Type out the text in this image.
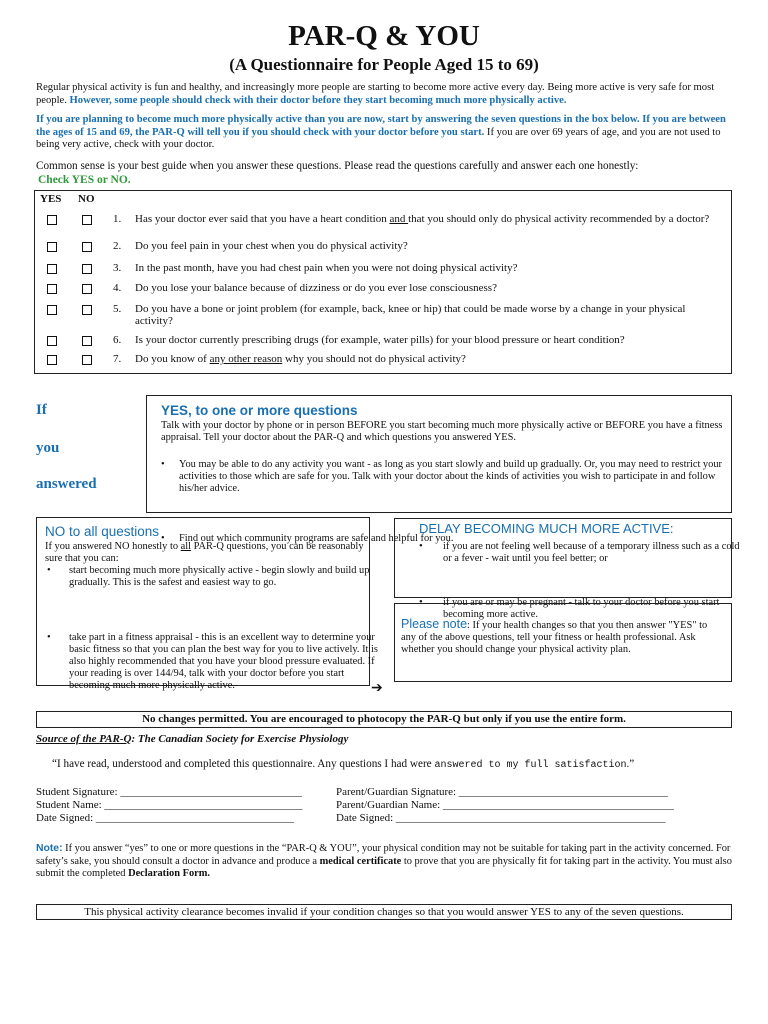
PAR-Q & YOU
(A Questionnaire for People Aged 15 to 69)
Regular physical activity is fun and healthy, and increasingly more people are starting to become more active every day. Being more active is very safe for most people. However, some people should check with their doctor before they start becoming much more physically active.
If you are planning to become much more physically active than you are now, start by answering the seven questions in the box below. If you are between the ages of 15 and 69, the PAR-Q will tell you if you should check with your doctor before you start. If you are over 69 years of age, and you are not used to being very active, check with your doctor.
Common sense is your best guide when you answer these questions. Please read the questions carefully and answer each one honestly:
Check YES or NO.
YES NO
1. Has your doctor ever said that you have a heart condition and that you should only do physical activity recommended by a doctor?
2. Do you feel pain in your chest when you do physical activity?
3. In the past month, have you had chest pain when you were not doing physical activity?
4. Do you lose your balance because of dizziness or do you ever lose consciousness?
5. Do you have a bone or joint problem (for example, back, knee or hip) that could be made worse by a change in your physical activity?
6. Is your doctor currently prescribing drugs (for example, water pills) for your blood pressure or heart condition?
7. Do you know of any other reason why you should not do physical activity?
If
you
answered
YES, to one or more questions
Talk with your doctor by phone or in person BEFORE you start becoming much more physically active or BEFORE you have a fitness appraisal. Tell your doctor about the PAR-Q and which questions you answered YES.
• You may be able to do any activity you want - as long as you start slowly and build up gradually. Or, you may need to restrict your activities to those which are safe for you. Talk with your doctor about the kinds of activities you wish to participate in and follow his/her advice.
• Find out which community programs are safe and helpful for you.
NO to all questions
If you answered NO honestly to all PAR-Q questions, you can be reasonably sure that you can:
• start becoming much more physically active - begin slowly and build up gradually. This is the safest and easiest way to go.
• take part in a fitness appraisal - this is an excellent way to determine your basic fitness so that you can plan the best way for you to live actively. It is also highly recommended that you have your blood pressure evaluated. If your reading is over 144/94, talk with your doctor before you start becoming much more physically active.
DELAY BECOMING MUCH MORE ACTIVE:
• if you are not feeling well because of a temporary illness such as a cold or a fever - wait until you feel better; or
• if you are or may be pregnant - talk to your doctor before you start becoming more active.
Please note: If your health changes so that you then answer "YES" to any of the above questions, tell your fitness or health professional. Ask whether you should change your physical activity plan.
➔
No changes permitted. You are encouraged to photocopy the PAR-Q but only if you use the entire form.
Source of the PAR-Q: The Canadian Society for Exercise Physiology
“I have read, understood and completed this questionnaire. Any questions I had were answered to my full satisfaction.”
Student Signature: _________________________________	Parent/Guardian Signature: ______________________________________
Student Name: ____________________________________	Parent/Guardian Name: __________________________________________
Date Signed: ____________________________________	Date Signed: _________________________________________________
Note: If you answer “yes” to one or more questions in the “PAR-Q & YOU”, your physical condition may not be suitable for taking part in the activity concerned. For safety’s sake, you should consult a doctor in advance and produce a medical certificate to prove that you are physically fit for taking part in the activity. You must also submit the completed Declaration Form.
This physical activity clearance becomes invalid if your condition changes so that you would answer YES to any of the seven questions.
